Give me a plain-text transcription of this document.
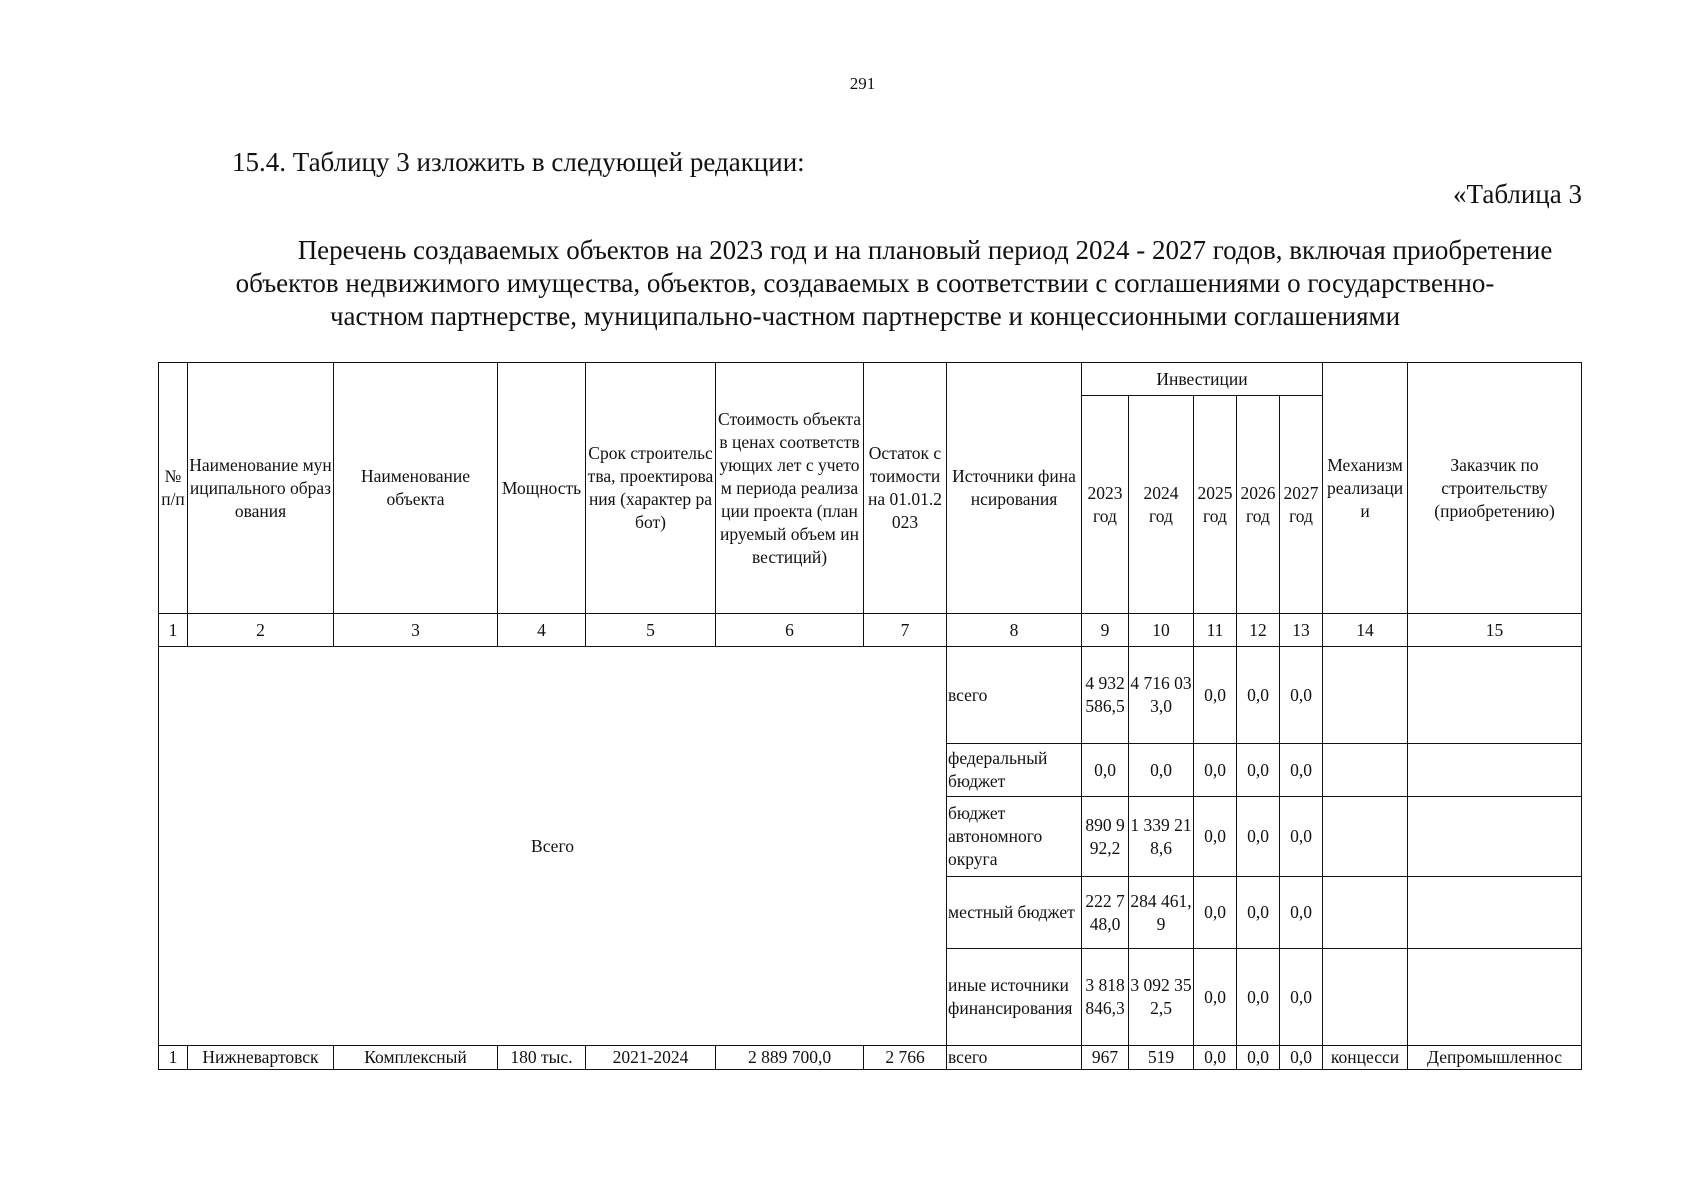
291
15.4. Таблицу 3 изложить в следующей редакции:
«Таблица 3
Перечень создаваемых объектов на 2023 год и на плановый период 2024 - 2027 годов, включая приобретение
объектов недвижимого имущества, объектов, создаваемых в соответствии с соглашениями о государственно-
частном партнерстве, муниципально-частном партнерстве и концессионными соглашениями
№ п/п	Наименование муниципального образования	Наименование объекта	Мощность	Срок строительства, проектирования (характер работ)	Стоимость объекта в ценах соответствующих лет с учетом периода реализации проекта (планируемый объем инвестиций)	Остаток стоимости на 01.01.2023	Источники финансирования	Инвестиции					Механизм реализации	Заказчик по строительству (приобретению)
								2023 год	2024 год	2025 год	2026 год	2027 год		
1	2	3	4	5	6	7	8	9	10	11	12	13	14	15
Всего							всего	4 932 586,5	4 716 033,0	0,0	0,0	0,0		
							федеральный бюджет	0,0	0,0	0,0	0,0	0,0		
							бюджет автономного округа	890 992,2	1 339 218,6	0,0	0,0	0,0		
							местный бюджет	222 748,0	284 461,9	0,0	0,0	0,0		
							иные источники финансирования	3 818 846,3	3 092 352,5	0,0	0,0	0,0		
1	Нижневартовск	Комплексный	180 тыс.	2021-2024	2 889 700,0	2 766	всего	967	519	0,0	0,0	0,0	концесси	Депромышленнос
